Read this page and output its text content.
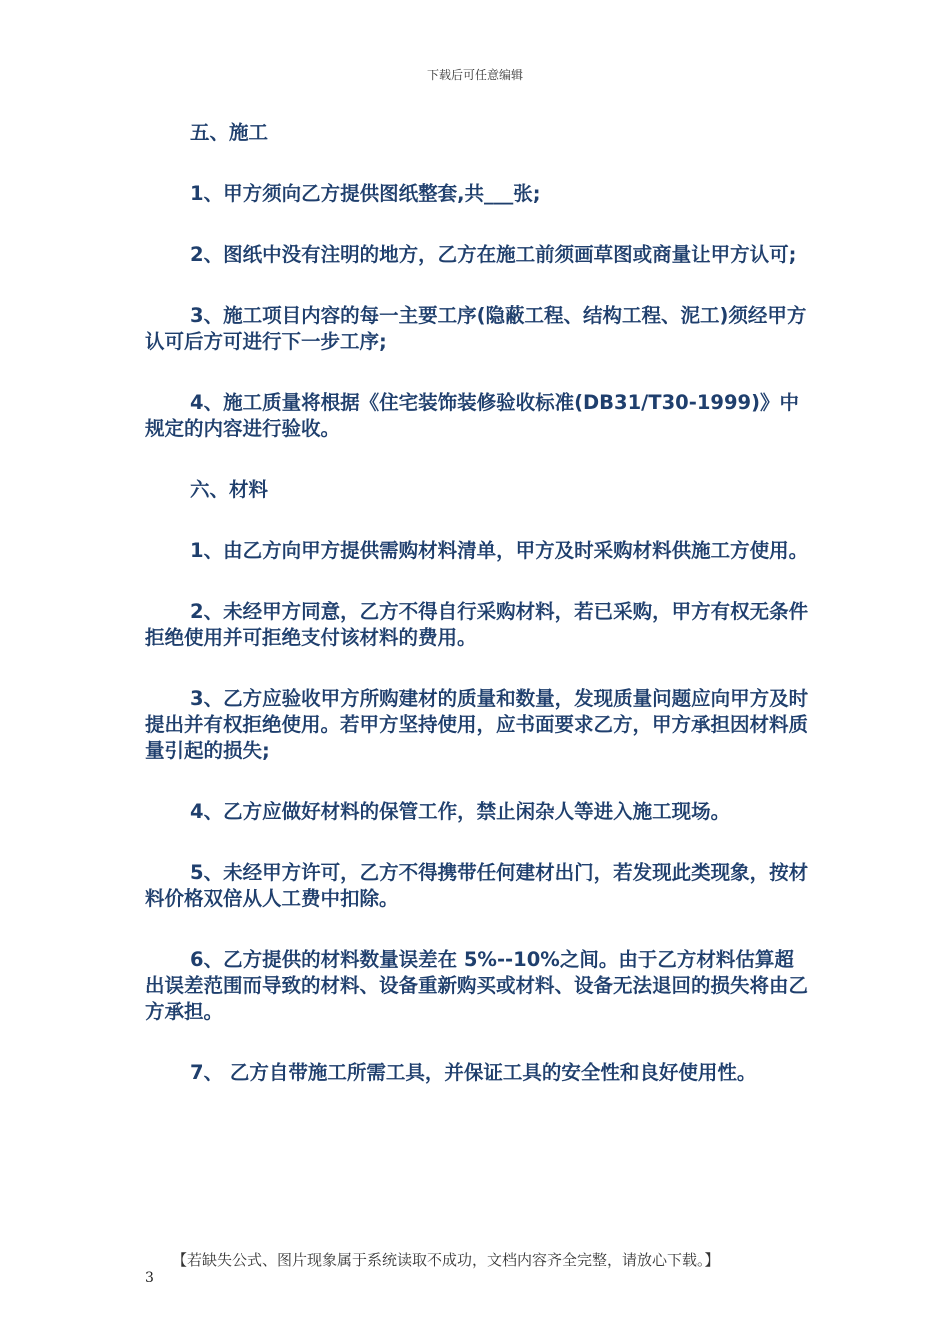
下载后可任意编辑

五、施工

1、甲方须向乙方提供图纸整套,共___张;

2、图纸中没有注明的地方，乙方在施工前须画草图或商量让甲方认可;

3、施工项目内容的每一主要工序(隐蔽工程、结构工程、泥工)须经甲方认可后方可进行下一步工序;

4、施工质量将根据《住宅装饰装修验收标准(DB31/T30-1999)》中规定的内容进行验收。

六、材料

1、由乙方向甲方提供需购材料清单，甲方及时采购材料供施工方使用。

2、未经甲方同意，乙方不得自行采购材料，若已采购，甲方有权无条件拒绝使用并可拒绝支付该材料的费用。

3、乙方应验收甲方所购建材的质量和数量，发现质量问题应向甲方及时提出并有权拒绝使用。若甲方坚持使用，应书面要求乙方，甲方承担因材料质量引起的损失;

4、乙方应做好材料的保管工作，禁止闲杂人等进入施工现场。

5、未经甲方许可，乙方不得携带任何建材出门，若发现此类现象，按材料价格双倍从人工费中扣除。

6、乙方提供的材料数量误差在 5%--10%之间。由于乙方材料估算超出误差范围而导致的材料、设备重新购买或材料、设备无法退回的损失将由乙方承担。

7、 乙方自带施工所需工具，并保证工具的安全性和良好使用性。

【若缺失公式、图片现象属于系统读取不成功，文档内容齐全完整，请放心下载。】
3
